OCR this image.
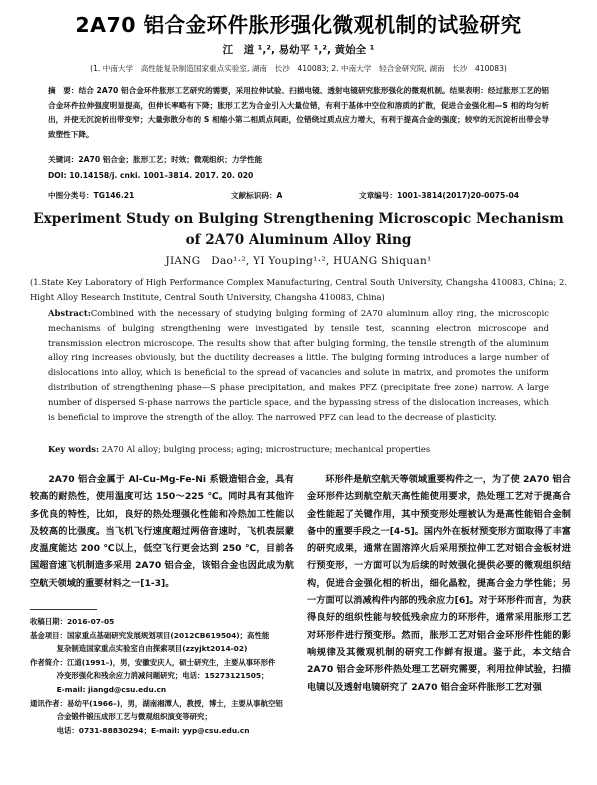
2A70 铝合金环件胀形强化微观机制的试验研究
江　道 ¹,², 易幼平 ¹,², 黄始全 ¹
(1. 中南大学　高性能复杂制造国家重点实验室, 湖南　长沙　410083; 2. 中南大学　轻合金研究院, 湖南　长沙　410083)
摘　要：结合 2A70 铝合金环件胀形工艺研究的需要，采用拉伸试验、扫描电镜、透射电镜研究胀形强化的微观机制。结果表明：经过胀形工艺的铝合金环件拉伸强度明显提高，但伸长率略有下降；胀形工艺为合金引入大量位错，有利于基体中空位和溶质的扩散，促进合金强化相—S 相的均匀析出，并使无沉淀析出带变窄；大量弥散分布的 S 相缩小第二相质点间距，位错绕过质点应力增大，有利于提高合金的强度；较窄的无沉淀析出带会导致塑性下降。
关键词：2A70 铝合金；胀形工艺；时效；微观组织；力学性能
DOI: 10.14158/j. cnki. 1001–3814. 2017. 20. 020
中图分类号：TG146.21	文献标识码：A	文章编号：1001-3814(2017)20-0075-04
Experiment Study on Bulging Strengthening Microscopic Mechanism
of 2A70 Aluminum Alloy Ring
JIANG　Dao¹·², YI Youping¹·², HUANG Shiquan¹
(1.State Key Laboratory of High Performance Complex Manufacturing, Central South University, Changsha 410083, China; 2. Hight Alloy Research Institute, Central South University, Changsha 410083, China)
Abstract:Combined with the necessary of studying bulging forming of 2A70 aluminum alloy ring, the microscopic mechanisms of bulging strengthening were investigated by tensile test, scanning electron microscope and transmission electron microscope. The results show that after bulging forming, the tensile strength of the aluminum alloy ring increases obviously, but the ductility decreases a little. The bulging forming introduces a large number of dislocations into alloy, which is beneficial to the spread of vacancies and solute in matrix, and promotes the uniform distribution of strengthening phase—S phase precipitation, and makes PFZ (precipitate free zone) narrow. A large number of dispersed S-phase narrows the particle space, and the bypassing stress of the dislocation increases, which is beneficial to improve the strength of the alloy. The narrowed PFZ can lead to the decrease of plasticity.
Key words: 2A70 Al alloy; bulging process; aging; microstructure; mechanical properties

2A70 铝合金属于 Al-Cu-Mg-Fe-Ni 系锻造铝合金，具有较高的耐热性，使用温度可达 150～225 ℃。同时具有其他许多优良的特性，比如，良好的热处理强化性能和冷热加工性能以及较高的比强度。当飞机飞行速度超过两倍音速时，飞机表层蒙皮温度能达 200 ℃以上，低空飞行更会达到 250 ℃，目前各国超音速飞机制造多采用 2A70 铝合金，该铝合金也因此成为航空航天领域的重要材料之一[1-3]。

环形件是航空航天等领域重要构件之一，为了使 2A70 铝合金环形件达到航空航天高性能使用要求，热处理工艺对于提高合金性能起了关键作用，其中预变形处理被认为是高性能铝合金制备中的重要手段之一[4-5]。国内外在板材预变形方面取得了丰富的研究成果，通常在固溶淬火后采用预拉伸工艺对铝合金板材进行预变形，一方面可以为后续的时效强化提供必要的微观组织结构，促进合金强化相的析出，细化晶粒，提高合金力学性能；另一方面可以消减构件内部的残余应力[6]。对于环形件而言，为获得良好的组织性能与较低残余应力的环形件，通常采用胀形工艺对环形件进行预变形。然而，胀形工艺对铝合金环形件性能的影响规律及其微观机制的研究工作鲜有报道。鉴于此，本文结合 2A70 铝合金环形件热处理工艺研究需要，利用拉伸试验，扫描电镜以及透射电镜研究了 2A70 铝合金环件胀形工艺对强

收稿日期：2016-07-05
基金项目：国家重点基础研究发展规划项目(2012CB619504)；高性能
复杂制造国家重点实验室自由探索项目(zzyjkt2014-02)
作者简介：江道(1991–)，男，安徽安庆人，硕士研究生，主要从事环形件
冷变形强化和残余应力消减问题研究；电话：15273121505；
E-mail: jiangd@csu.edu.cn
通讯作者：易幼平(1966–)，男，湖南湘潭人，教授，博士，主要从事航空铝
合金锻件锻压成形工艺与微观组织演变等研究；
电话：0731-88830294；E-mail: yyp@csu.edu.cn
